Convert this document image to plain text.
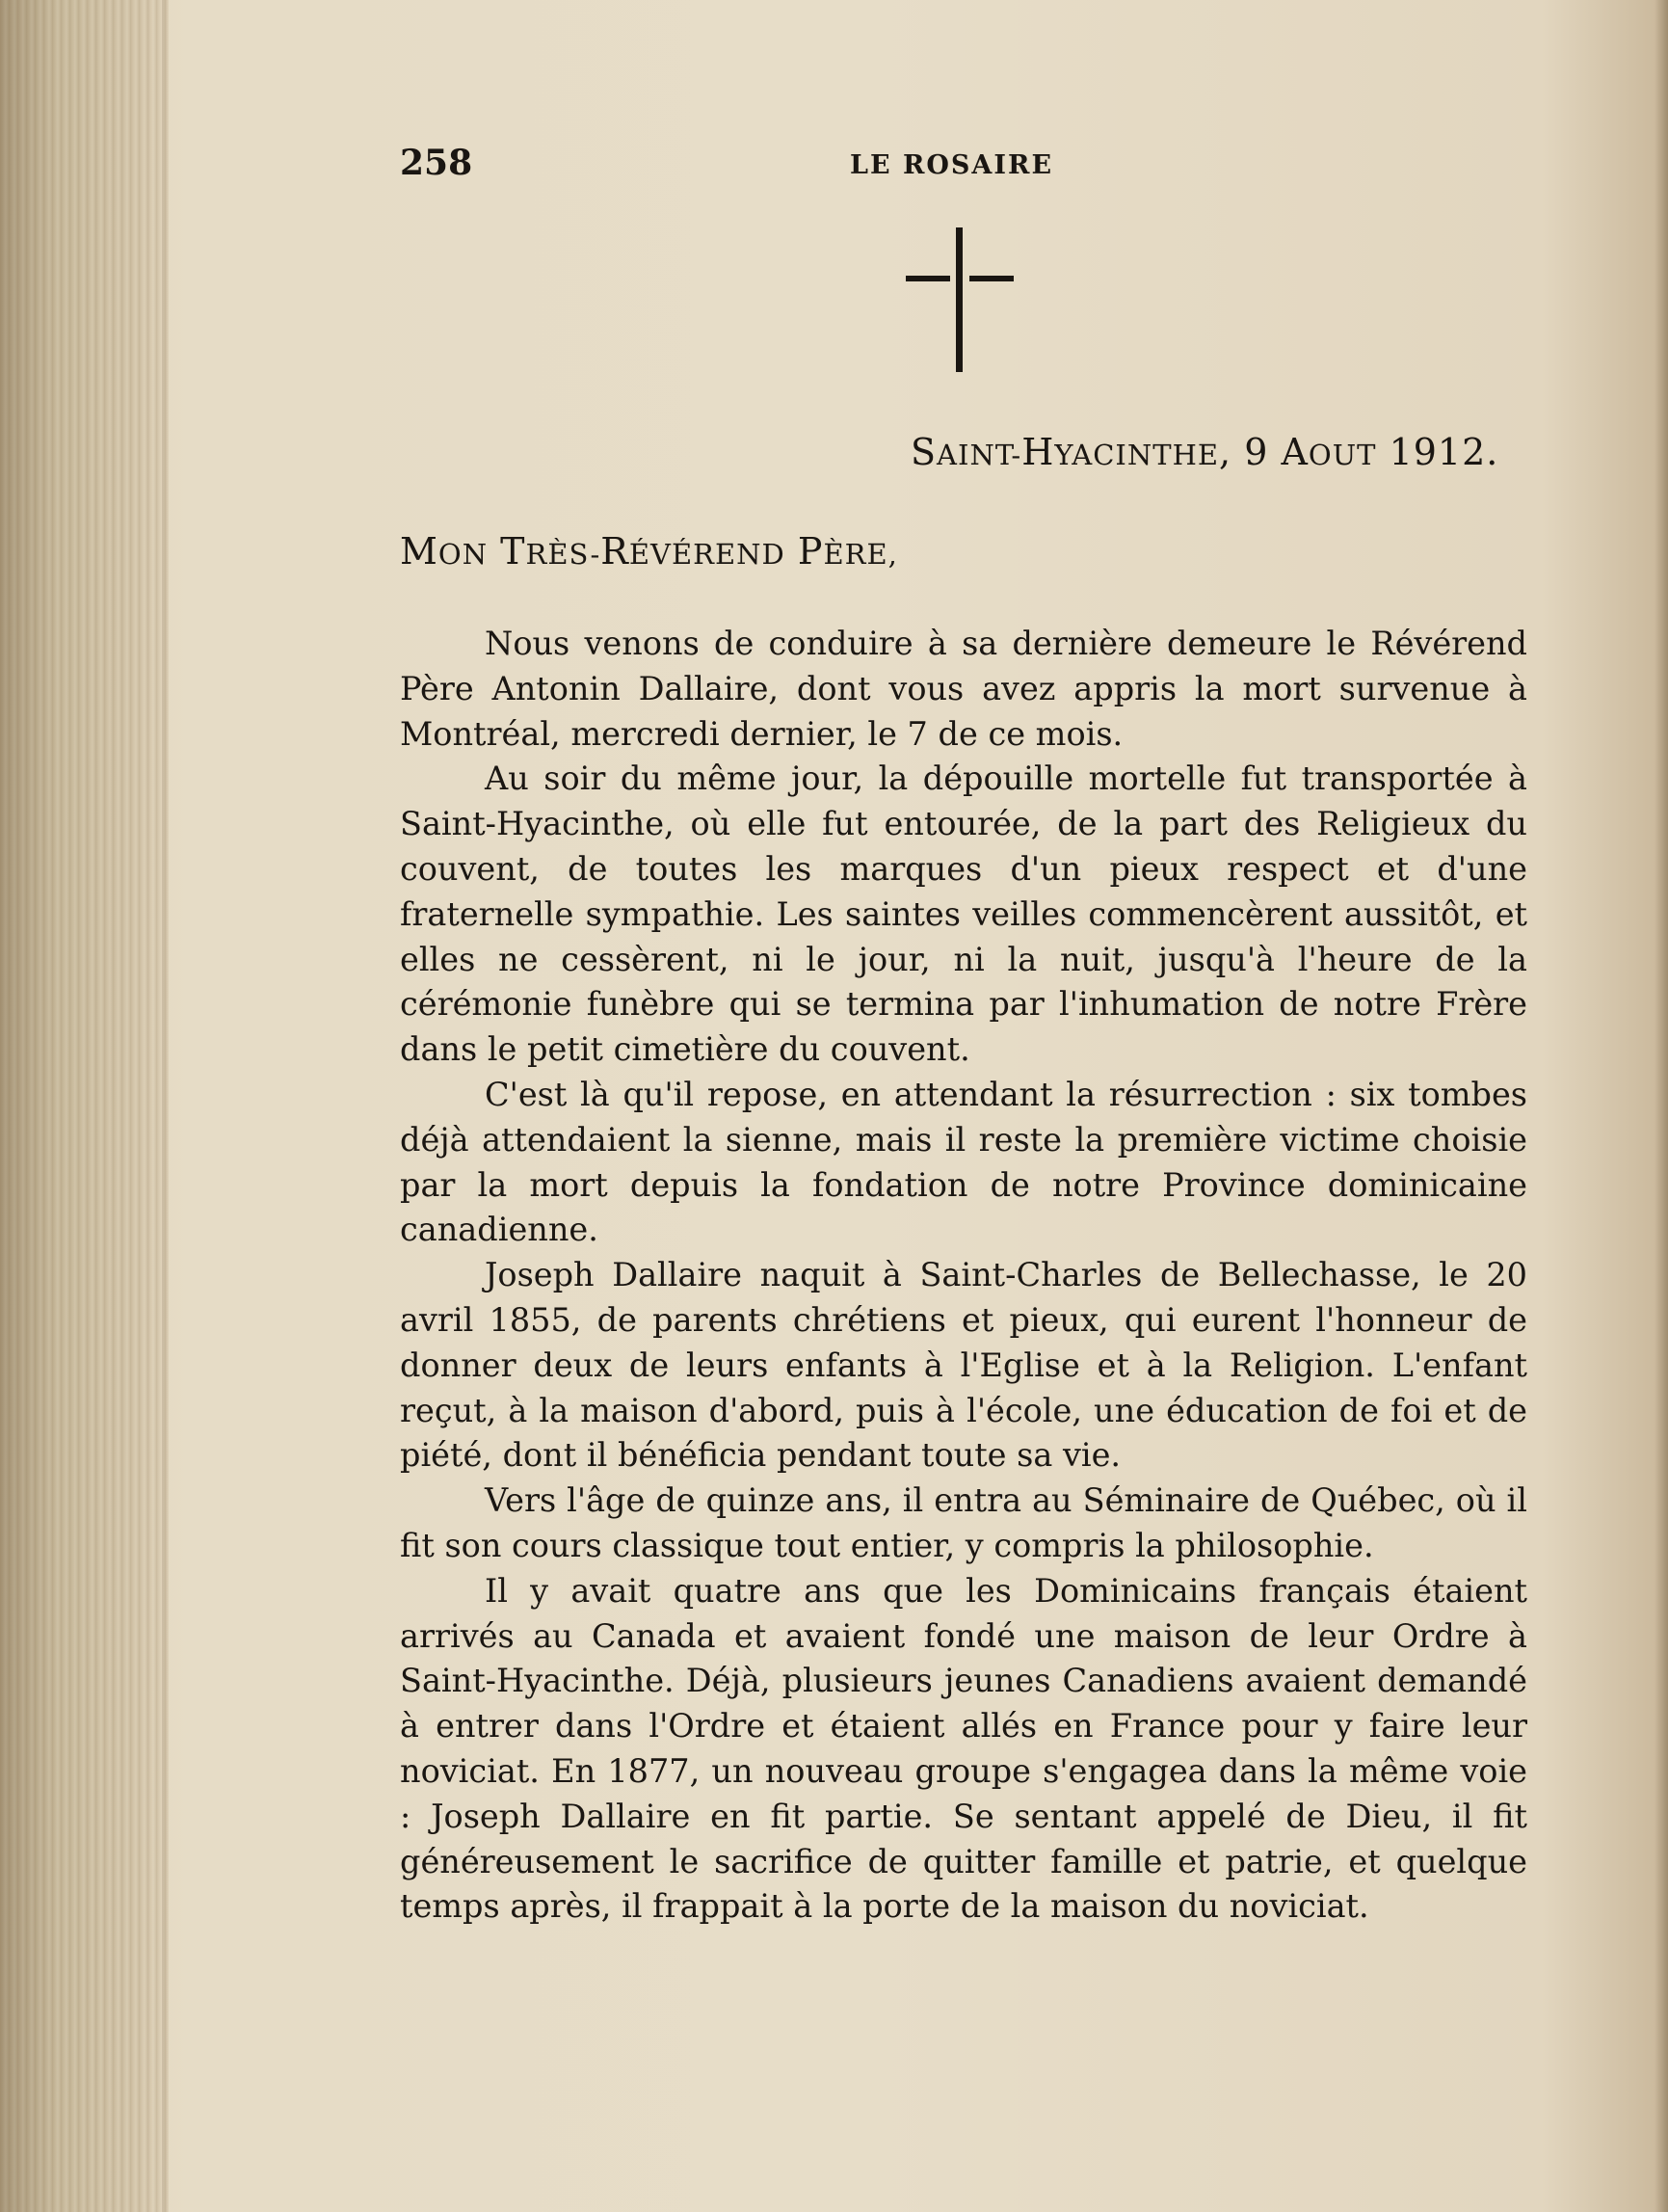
258	LE ROSAIRE
SAINT-HYACINTHE, 9 AOUT 1912.
MON TRÈS-RÉVÉREND PÈRE,

Nous venons de conduire à sa dernière demeure le Révérend Père Antonin Dallaire, dont vous avez appris la mort survenue à Montréal, mercredi dernier, le 7 de ce mois.

Au soir du même jour, la dépouille mortelle fut transportée à Saint-Hyacinthe, où elle fut entourée, de la part des Religieux du couvent, de toutes les marques d'un pieux respect et d'une fraternelle sympathie. Les saintes veilles commencèrent aussitôt, et elles ne cessèrent, ni le jour, ni la nuit, jusqu'à l'heure de la cérémonie funèbre qui se termina par l'inhumation de notre Frère dans le petit cimetière du couvent.

C'est là qu'il repose, en attendant la résurrection : six tombes déjà attendaient la sienne, mais il reste la première victime choisie par la mort depuis la fondation de notre Province dominicaine canadienne.

Joseph Dallaire naquit à Saint-Charles de Bellechasse, le 20 avril 1855, de parents chrétiens et pieux, qui eurent l'honneur de donner deux de leurs enfants à l'Eglise et à la Religion. L'enfant reçut, à la maison d'abord, puis à l'école, une éducation de foi et de piété, dont il bénéficia pendant toute sa vie.

Vers l'âge de quinze ans, il entra au Séminaire de Québec, où il fit son cours classique tout entier, y compris la philosophie.

Il y avait quatre ans que les Dominicains français étaient arrivés au Canada et avaient fondé une maison de leur Ordre à Saint-Hyacinthe. Déjà, plusieurs jeunes Canadiens avaient demandé à entrer dans l'Ordre et étaient allés en France pour y faire leur noviciat. En 1877, un nouveau groupe s'engagea dans la même voie : Joseph Dallaire en fit partie. Se sentant appelé de Dieu, il fit généreusement le sacrifice de quitter famille et patrie, et quelque temps après, il frappait à la porte de la maison du noviciat.
